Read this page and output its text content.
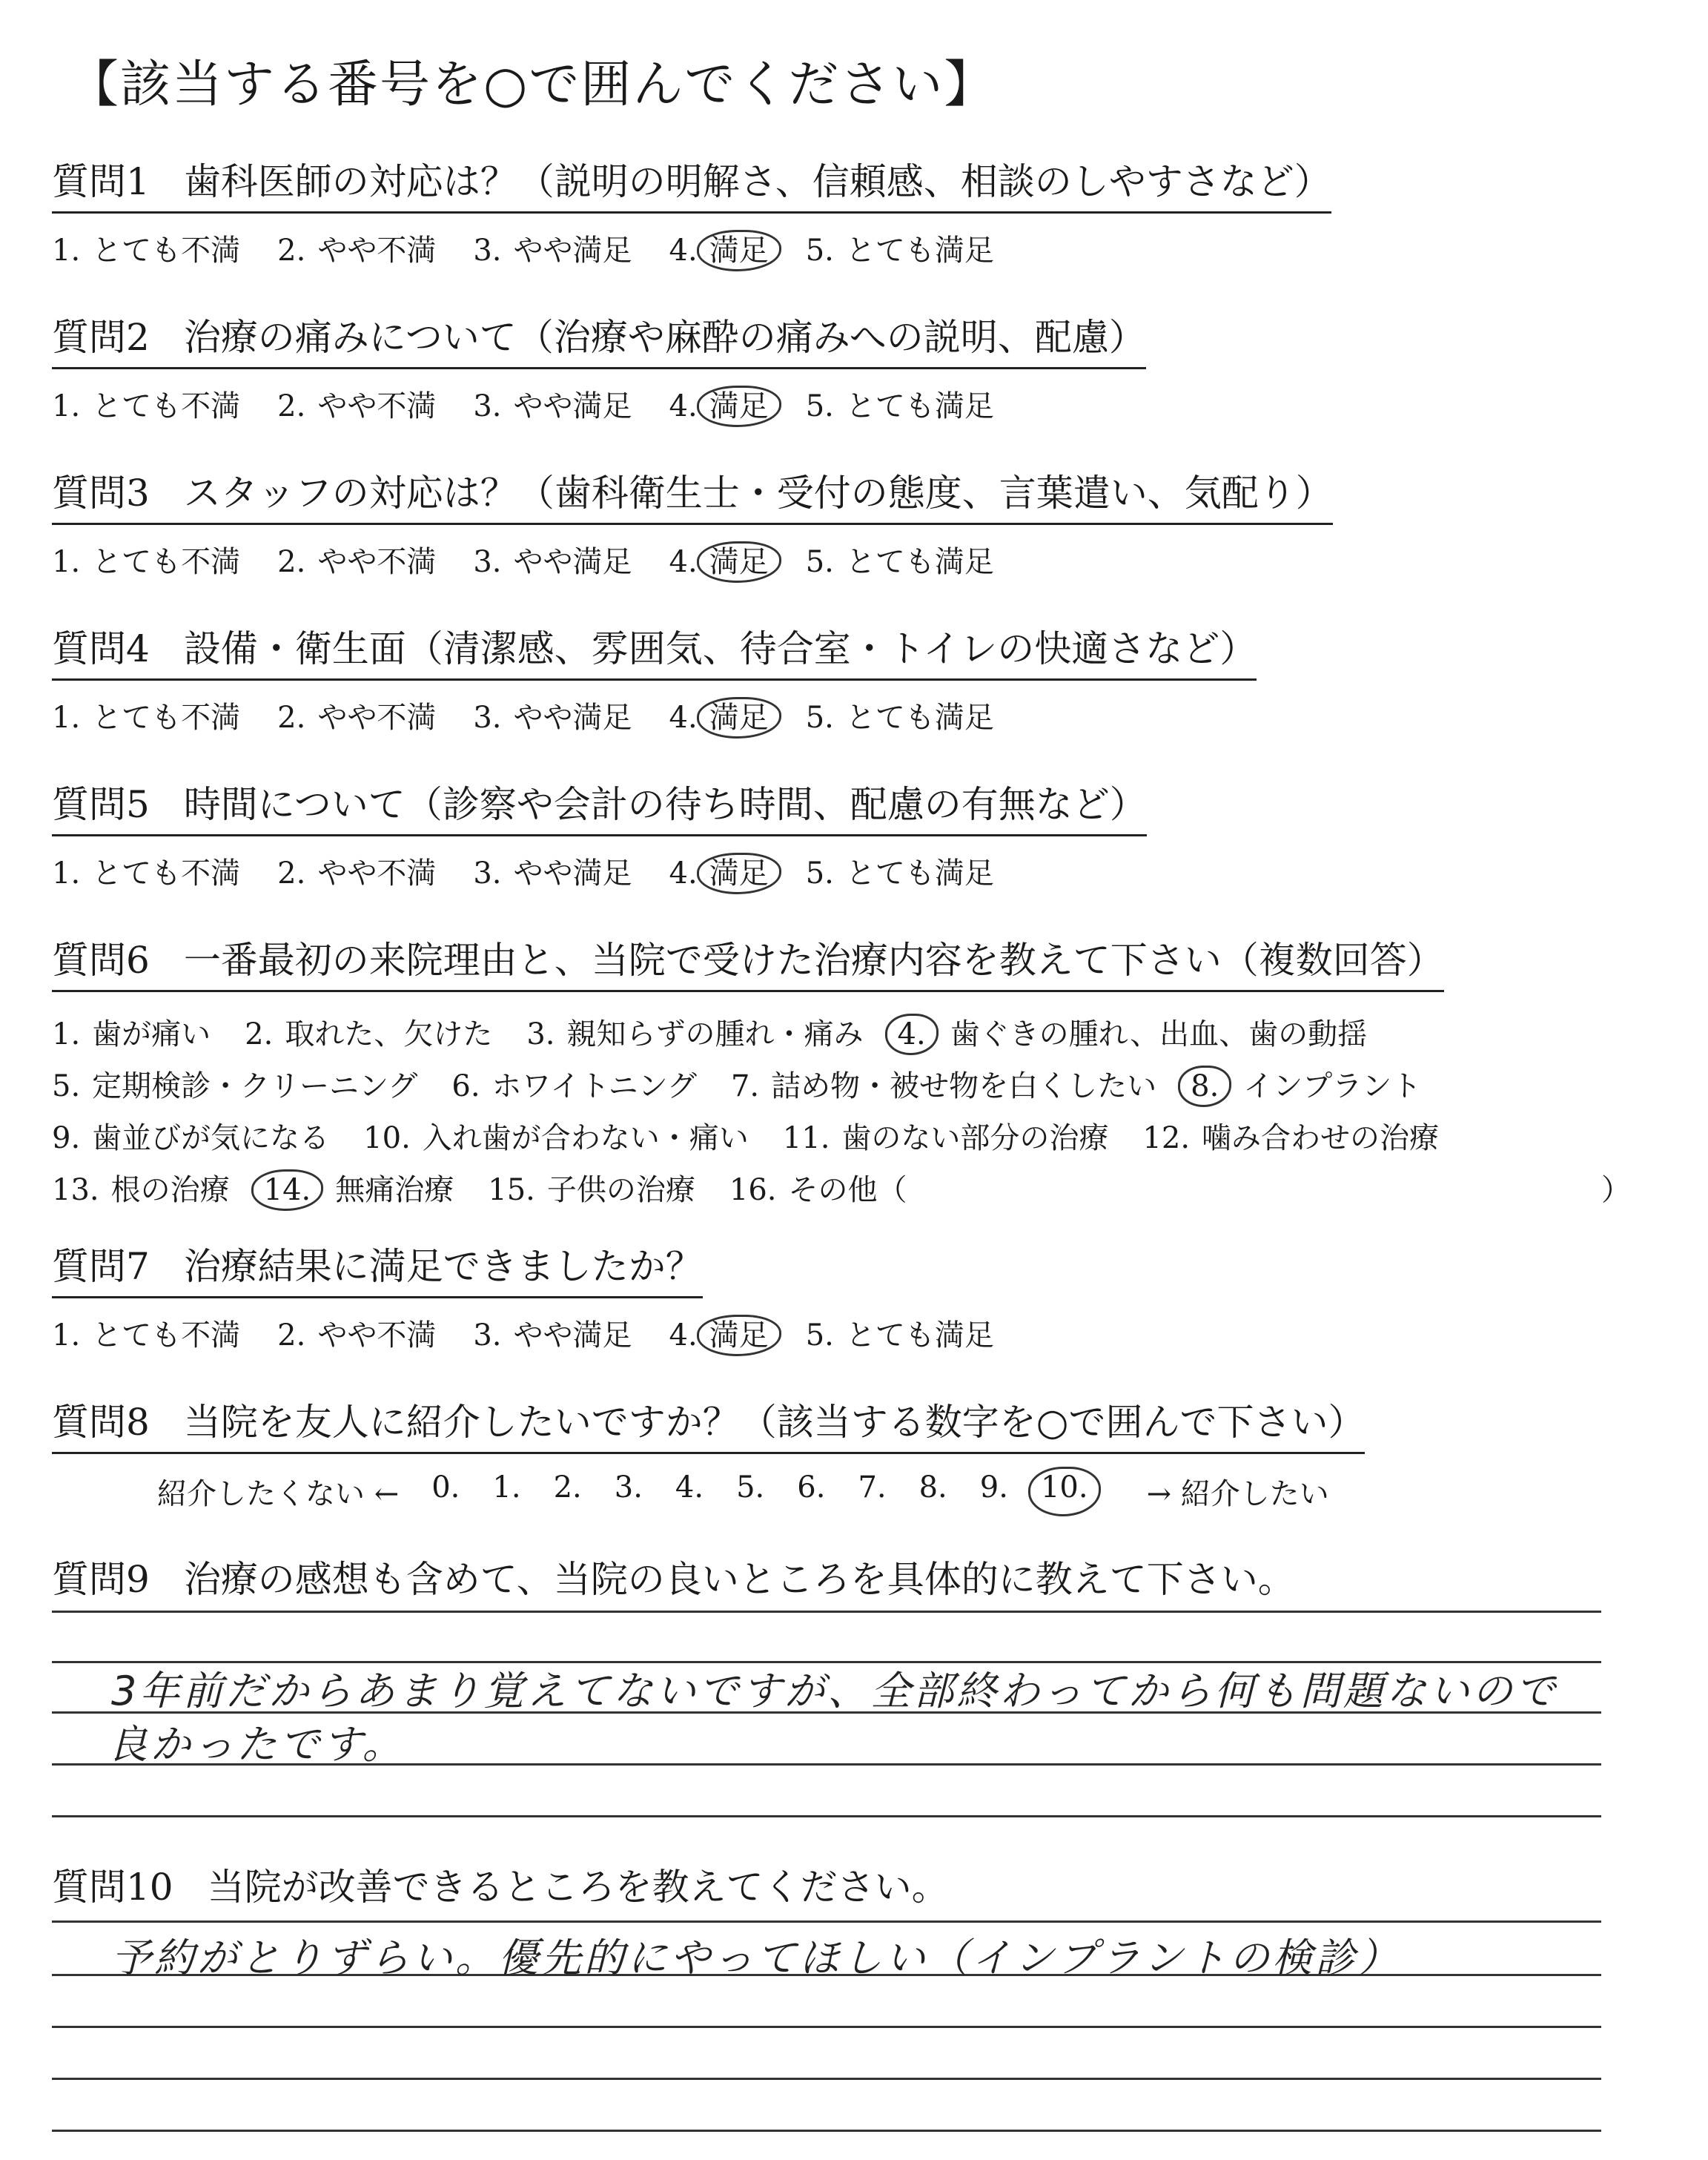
【該当する番号を○で囲んでください】
質問1 歯科医師の対応は？（説明の明解さ、信頼感、相談のしやすさなど）
1. とても不満 2. やや不満 3. やや満足 4. 満足 5. とても満足
質問2 治療の痛みについて（治療や麻酔の痛みへの説明、配慮）
1. とても不満 2. やや不満 3. やや満足 4. 満足 5. とても満足
質問3 スタッフの対応は？（歯科衛生士・受付の態度、言葉遣い、気配り）
1. とても不満 2. やや不満 3. やや満足 4. 満足 5. とても満足
質問4 設備・衛生面（清潔感、雰囲気、待合室・トイレの快適さなど）
1. とても不満 2. やや不満 3. やや満足 4. 満足 5. とても満足
質問5 時間について（診察や会計の待ち時間、配慮の有無など）
1. とても不満 2. やや不満 3. やや満足 4. 満足 5. とても満足
質問6 一番最初の来院理由と、当院で受けた治療内容を教えて下さい（複数回答）
1. 歯が痛い 2. 取れた、欠けた 3. 親知らずの腫れ・痛み 4. 歯ぐきの腫れ、出血、歯の動揺
5. 定期検診・クリーニング 6. ホワイトニング 7. 詰め物・被せ物を白くしたい 8. インプラント
9. 歯並びが気になる 10. 入れ歯が合わない・痛い 11. 歯のない部分の治療 12. 噛み合わせの治療
13. 根の治療 14. 無痛治療 15. 子供の治療 16. その他（	）
質問7 治療結果に満足できましたか？
1. とても不満 2. やや不満 3. やや満足 4. 満足 5. とても満足
質問8 当院を友人に紹介したいですか？（該当する数字を○で囲んで下さい）
紹介したくない ← 0. 1. 2. 3. 4. 5. 6. 7. 8. 9.	10.	→ 紹介したい
質問9 治療の感想も含めて、当院の良いところを具体的に教えて下さい。
3年前だからあまり覚えてないですが、全部終わってから何も問題ないので
良かったです。
質問10 当院が改善できるところを教えてください。
予約がとりずらい。優先的にやってほしい（インプラントの検診）
